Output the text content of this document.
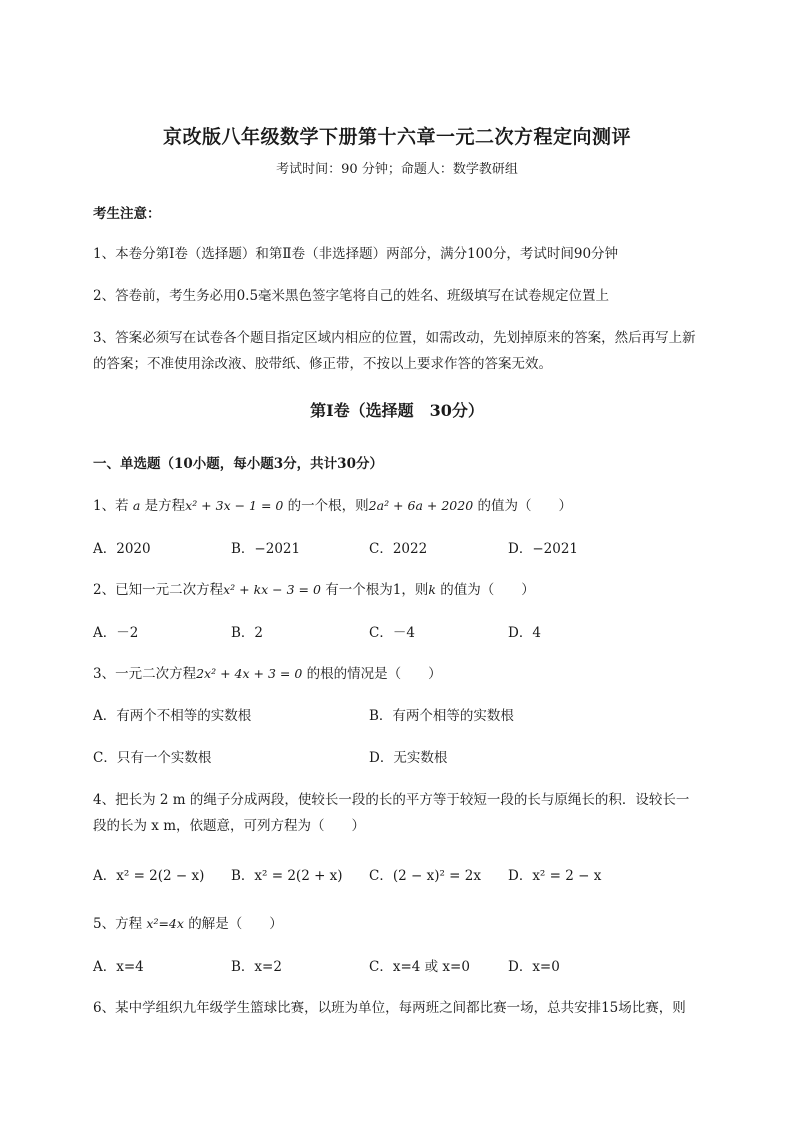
京改版八年级数学下册第十六章一元二次方程定向测评
考试时间：90 分钟；命题人：数学教研组
考生注意：
1、本卷分第I卷（选择题）和第Ⅱ卷（非选择题）两部分，满分100分，考试时间90分钟
2、答卷前，考生务必用0.5毫米黑色签字笔将自己的姓名、班级填写在试卷规定位置上
3、答案必须写在试卷各个题目指定区域内相应的位置，如需改动，先划掉原来的答案，然后再写上新
的答案；不准使用涂改液、胶带纸、修正带，不按以上要求作答的答案无效。
第I卷（选择题　30分）
一、单选题（10小题，每小题3分，共计30分）
1、若 a 是方程x² + 3x − 1 = 0 的一个根，则2a² + 6a + 2020 的值为（　　）
A．2020	B．−2021	C．2022	D．−2021
2、已知一元二次方程x² + kx − 3 = 0 有一个根为1，则k 的值为（　　）
A．－2	B．2	C．－4	D．4
3、一元二次方程2x² + 4x + 3 = 0 的根的情况是（　　）
A．有两个不相等的实数根	B．有两个相等的实数根
C．只有一个实数根	D．无实数根
4、把长为 2 m 的绳子分成两段，使较长一段的长的平方等于较短一段的长与原绳长的积．设较长一
段的长为 x m，依题意，可列方程为（　　）
A．x² = 2(2 − x) B．x² = 2(2 + x) C．(2 − x)² = 2x D．x² = 2 − x
5、方程 x²=4x 的解是（　　）
A．x=4	B．x=2	C．x=4 或 x=0	D．x=0
6、某中学组织九年级学生篮球比赛，以班为单位，每两班之间都比赛一场，总共安排15场比赛，则
